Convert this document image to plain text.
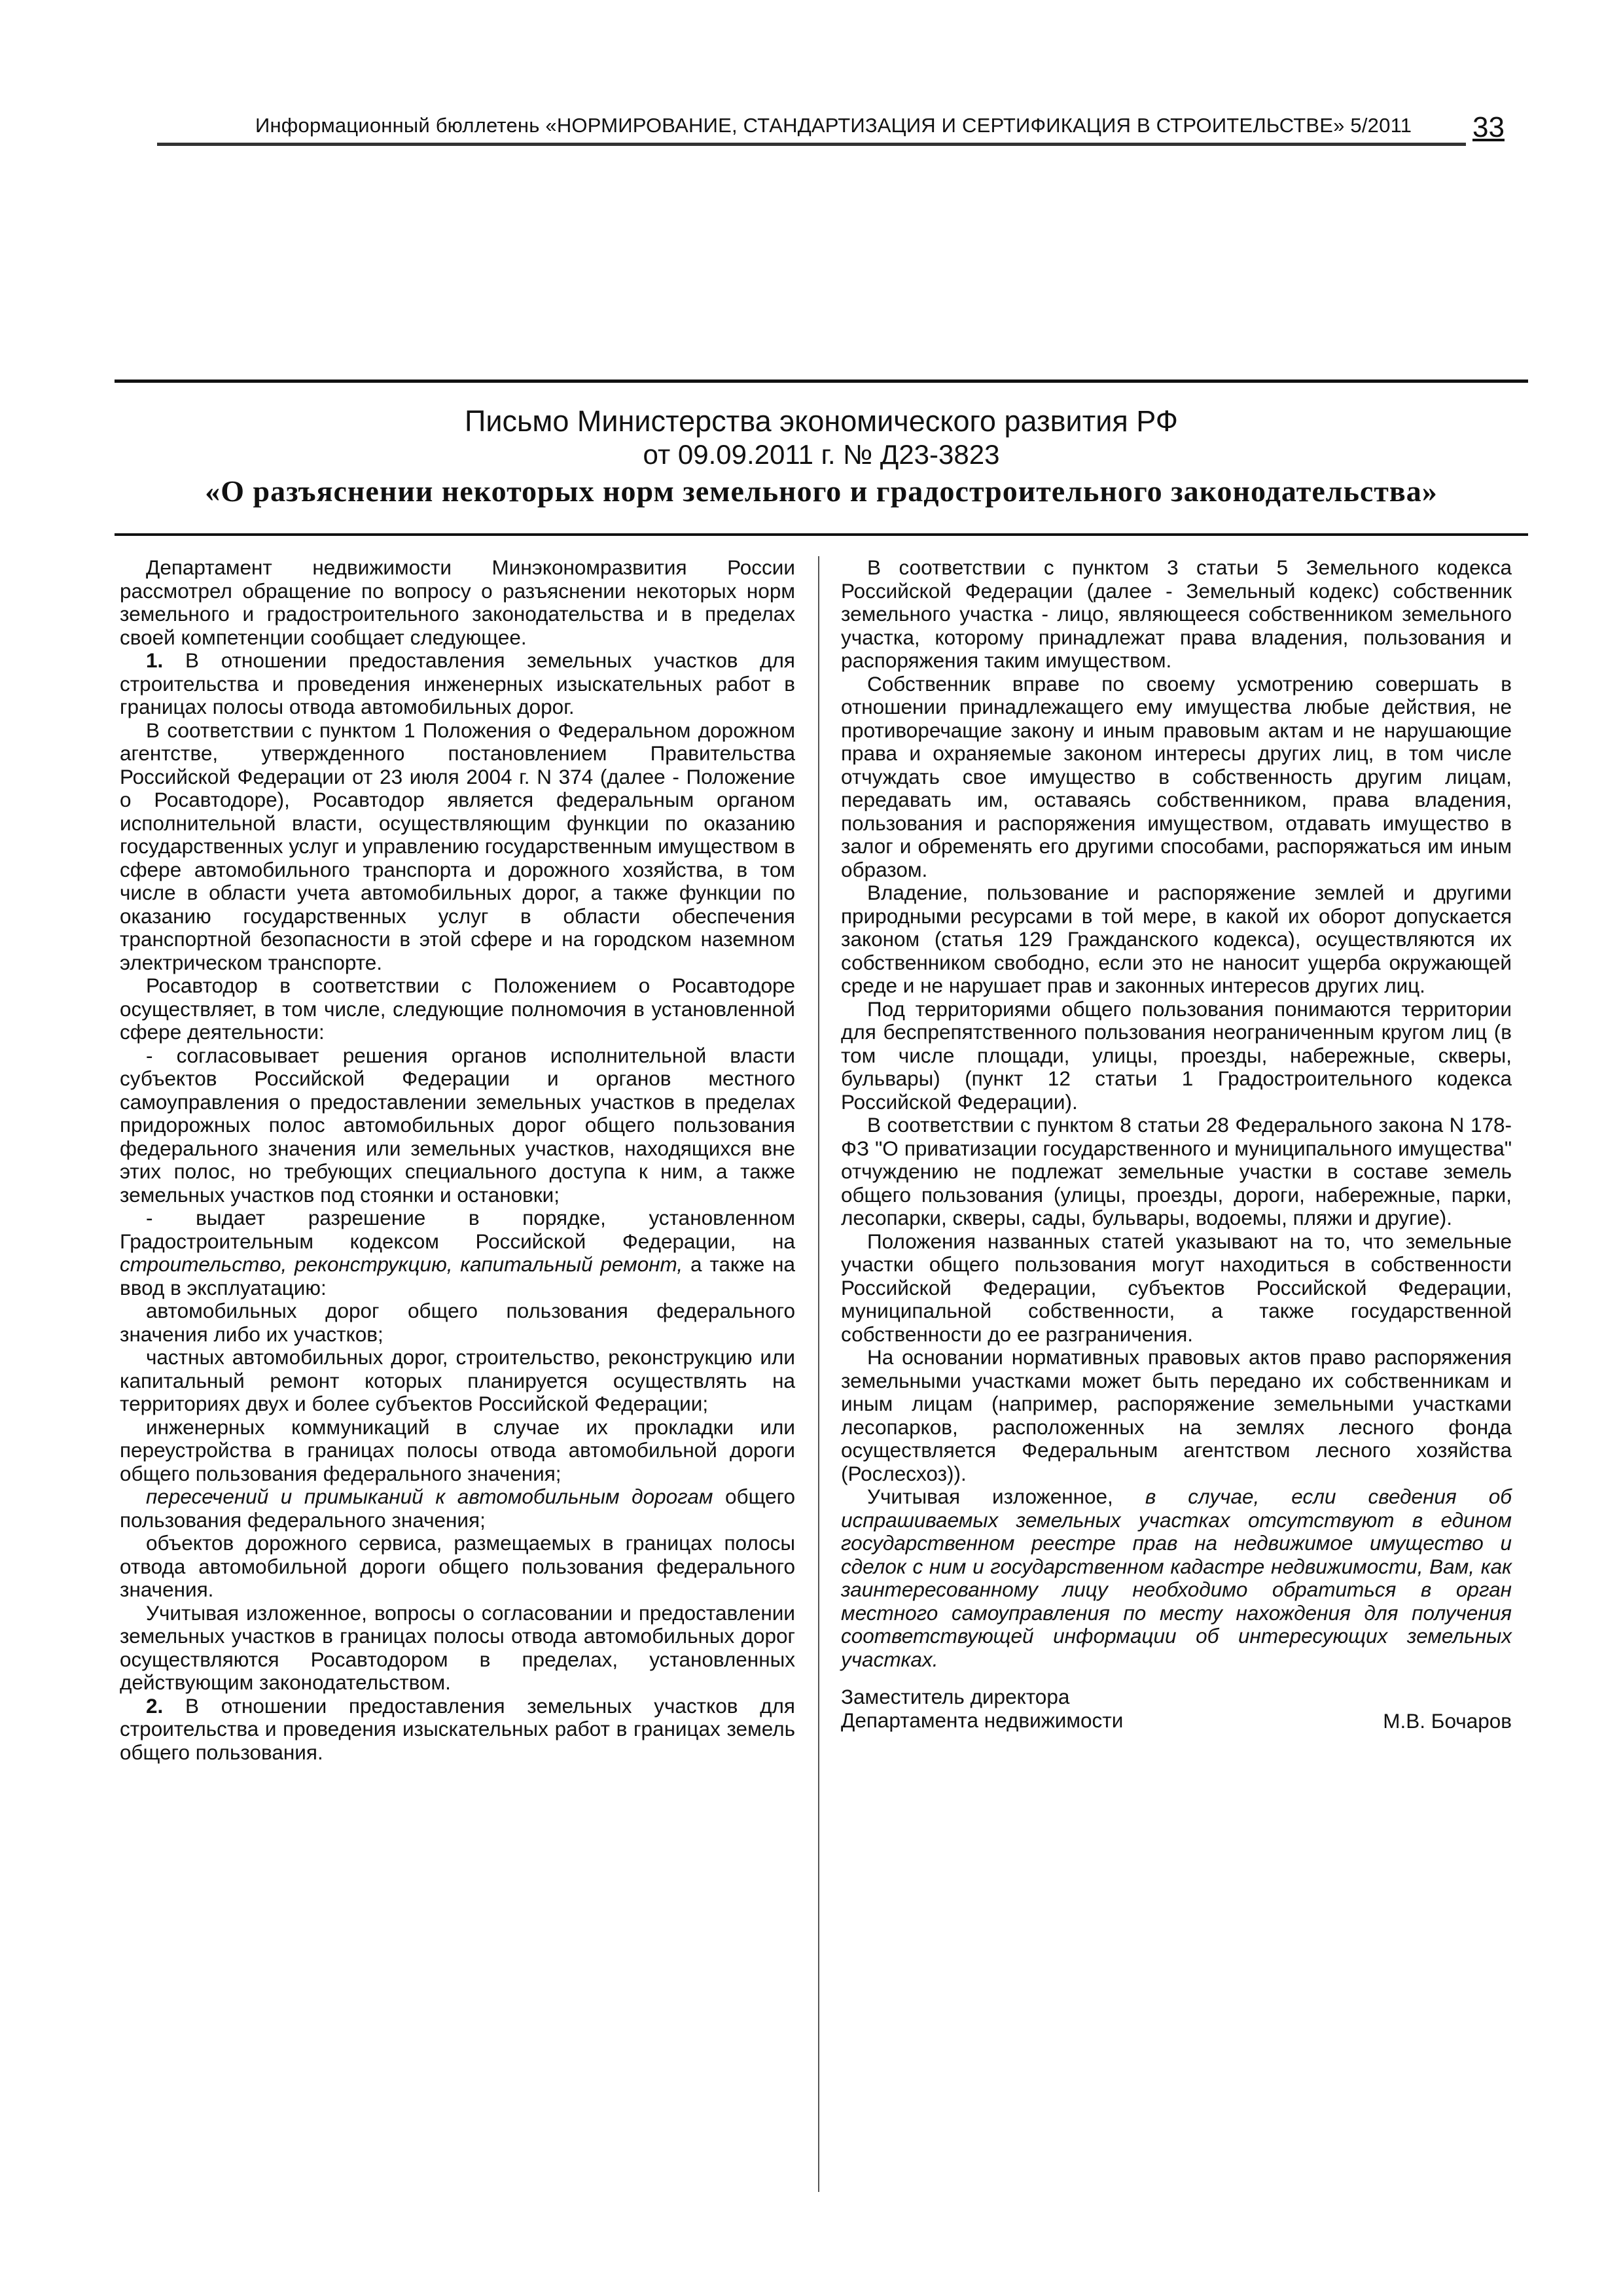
Информационный бюллетень «НОРМИРОВАНИЕ, СТАНДАРТИЗАЦИЯ И СЕРТИФИКАЦИЯ В СТРОИТЕЛЬСТВЕ» 5/2011 33
Письмо Министерства экономического развития РФ
от 09.09.2011 г. № Д23-3823
«О разъяснении некоторых норм земельного и градостроительного законодательства»

Департамент недвижимости Минэкономразвития России рассмотрел обращение по вопросу о разъяснении некоторых норм земельного и градостроительного законодательства и в пределах своей компетенции сообщает следующее.

1. В отношении предоставления земельных участков для строительства и проведения инженерных изыскательных работ в границах полосы отвода автомобильных дорог.

В соответствии с пунктом 1 Положения о Федеральном дорожном агентстве, утвержденного постановлением Правительства Российской Федерации от 23 июля 2004 г. N 374 (далее - Положение о Росавтодоре), Росавтодор является федеральным органом исполнительной власти, осуществляющим функции по оказанию государственных услуг и управлению государственным имуществом в сфере автомобильного транспорта и дорожного хозяйства, в том числе в области учета автомобильных дорог, а также функции по оказанию государственных услуг в области обеспечения транспортной безопасности в этой сфере и на городском наземном электрическом транспорте.

Росавтодор в соответствии с Положением о Росавтодоре осуществляет, в том числе, следующие полномочия в установленной сфере деятельности:

- согласовывает решения органов исполнительной власти субъектов Российской Федерации и органов местного самоуправления о предоставлении земельных участков в пределах придорожных полос автомобильных дорог общего пользования федерального значения или земельных участков, находящихся вне этих полос, но требующих специального доступа к ним, а также земельных участков под стоянки и остановки;

- выдает разрешение в порядке, установленном Градостроительным кодексом Российской Федерации, на строительство, реконструкцию, капитальный ремонт, а также на ввод в эксплуатацию:

автомобильных дорог общего пользования федерального значения либо их участков;

частных автомобильных дорог, строительство, реконструкцию или капитальный ремонт которых планируется осуществлять на территориях двух и более субъектов Российской Федерации;

инженерных коммуникаций в случае их прокладки или переустройства в границах полосы отвода автомобильной дороги общего пользования федерального значения;

пересечений и примыканий к автомобильным дорогам общего пользования федерального значения;

объектов дорожного сервиса, размещаемых в границах полосы отвода автомобильной дороги общего пользования федерального значения.

Учитывая изложенное, вопросы о согласовании и предоставлении земельных участков в границах полосы отвода автомобильных дорог осуществляются Росавтодором в пределах, установленных действующим законодательством.

2. В отношении предоставления земельных участков для строительства и проведения изыскательных работ в границах земель общего пользования.

В соответствии с пунктом 3 статьи 5 Земельного кодекса Российской Федерации (далее - Земельный кодекс) собственник земельного участка - лицо, являющееся собственником земельного участка, которому принадлежат права владения, пользования и распоряжения таким имуществом.

Собственник вправе по своему усмотрению совершать в отношении принадлежащего ему имущества любые действия, не противоречащие закону и иным правовым актам и не нарушающие права и охраняемые законом интересы других лиц, в том числе отчуждать свое имущество в собственность другим лицам, передавать им, оставаясь собственником, права владения, пользования и распоряжения имуществом, отдавать имущество в залог и обременять его другими способами, распоряжаться им иным образом.

Владение, пользование и распоряжение землей и другими природными ресурсами в той мере, в какой их оборот допускается законом (статья 129 Гражданского кодекса), осуществляются их собственником свободно, если это не наносит ущерба окружающей среде и не нарушает прав и законных интересов других лиц.

Под территориями общего пользования понимаются территории для беспрепятственного пользования неограниченным кругом лиц (в том числе площади, улицы, проезды, набережные, скверы, бульвары) (пункт 12 статьи 1 Градостроительного кодекса Российской Федерации).

В соответствии с пунктом 8 статьи 28 Федерального закона N 178-ФЗ "О приватизации государственного и муниципального имущества" отчуждению не подлежат земельные участки в составе земель общего пользования (улицы, проезды, дороги, набережные, парки, лесопарки, скверы, сады, бульвары, водоемы, пляжи и другие).

Положения названных статей указывают на то, что земельные участки общего пользования могут находиться в собственности Российской Федерации, субъектов Российской Федерации, муниципальной собственности, а также государственной собственности до ее разграничения.

На основании нормативных правовых актов право распоряжения земельными участками может быть передано их собственникам и иным лицам (например, распоряжение земельными участками лесопарков, расположенных на землях лесного фонда осуществляется Федеральным агентством лесного хозяйства (Рослесхоз)).

Учитывая изложенное, в случае, если сведения об испрашиваемых земельных участках отсутствуют в едином государственном реестре прав на недвижимое имущество и сделок с ним и государственном кадастре недвижимости, Вам, как заинтересованному лицу необходимо обратиться в орган местного самоуправления по месту нахождения для получения соответствующей информации об интересующих земельных участках.

Заместитель директора
Департамента недвижимости	М.В. Бочаров
